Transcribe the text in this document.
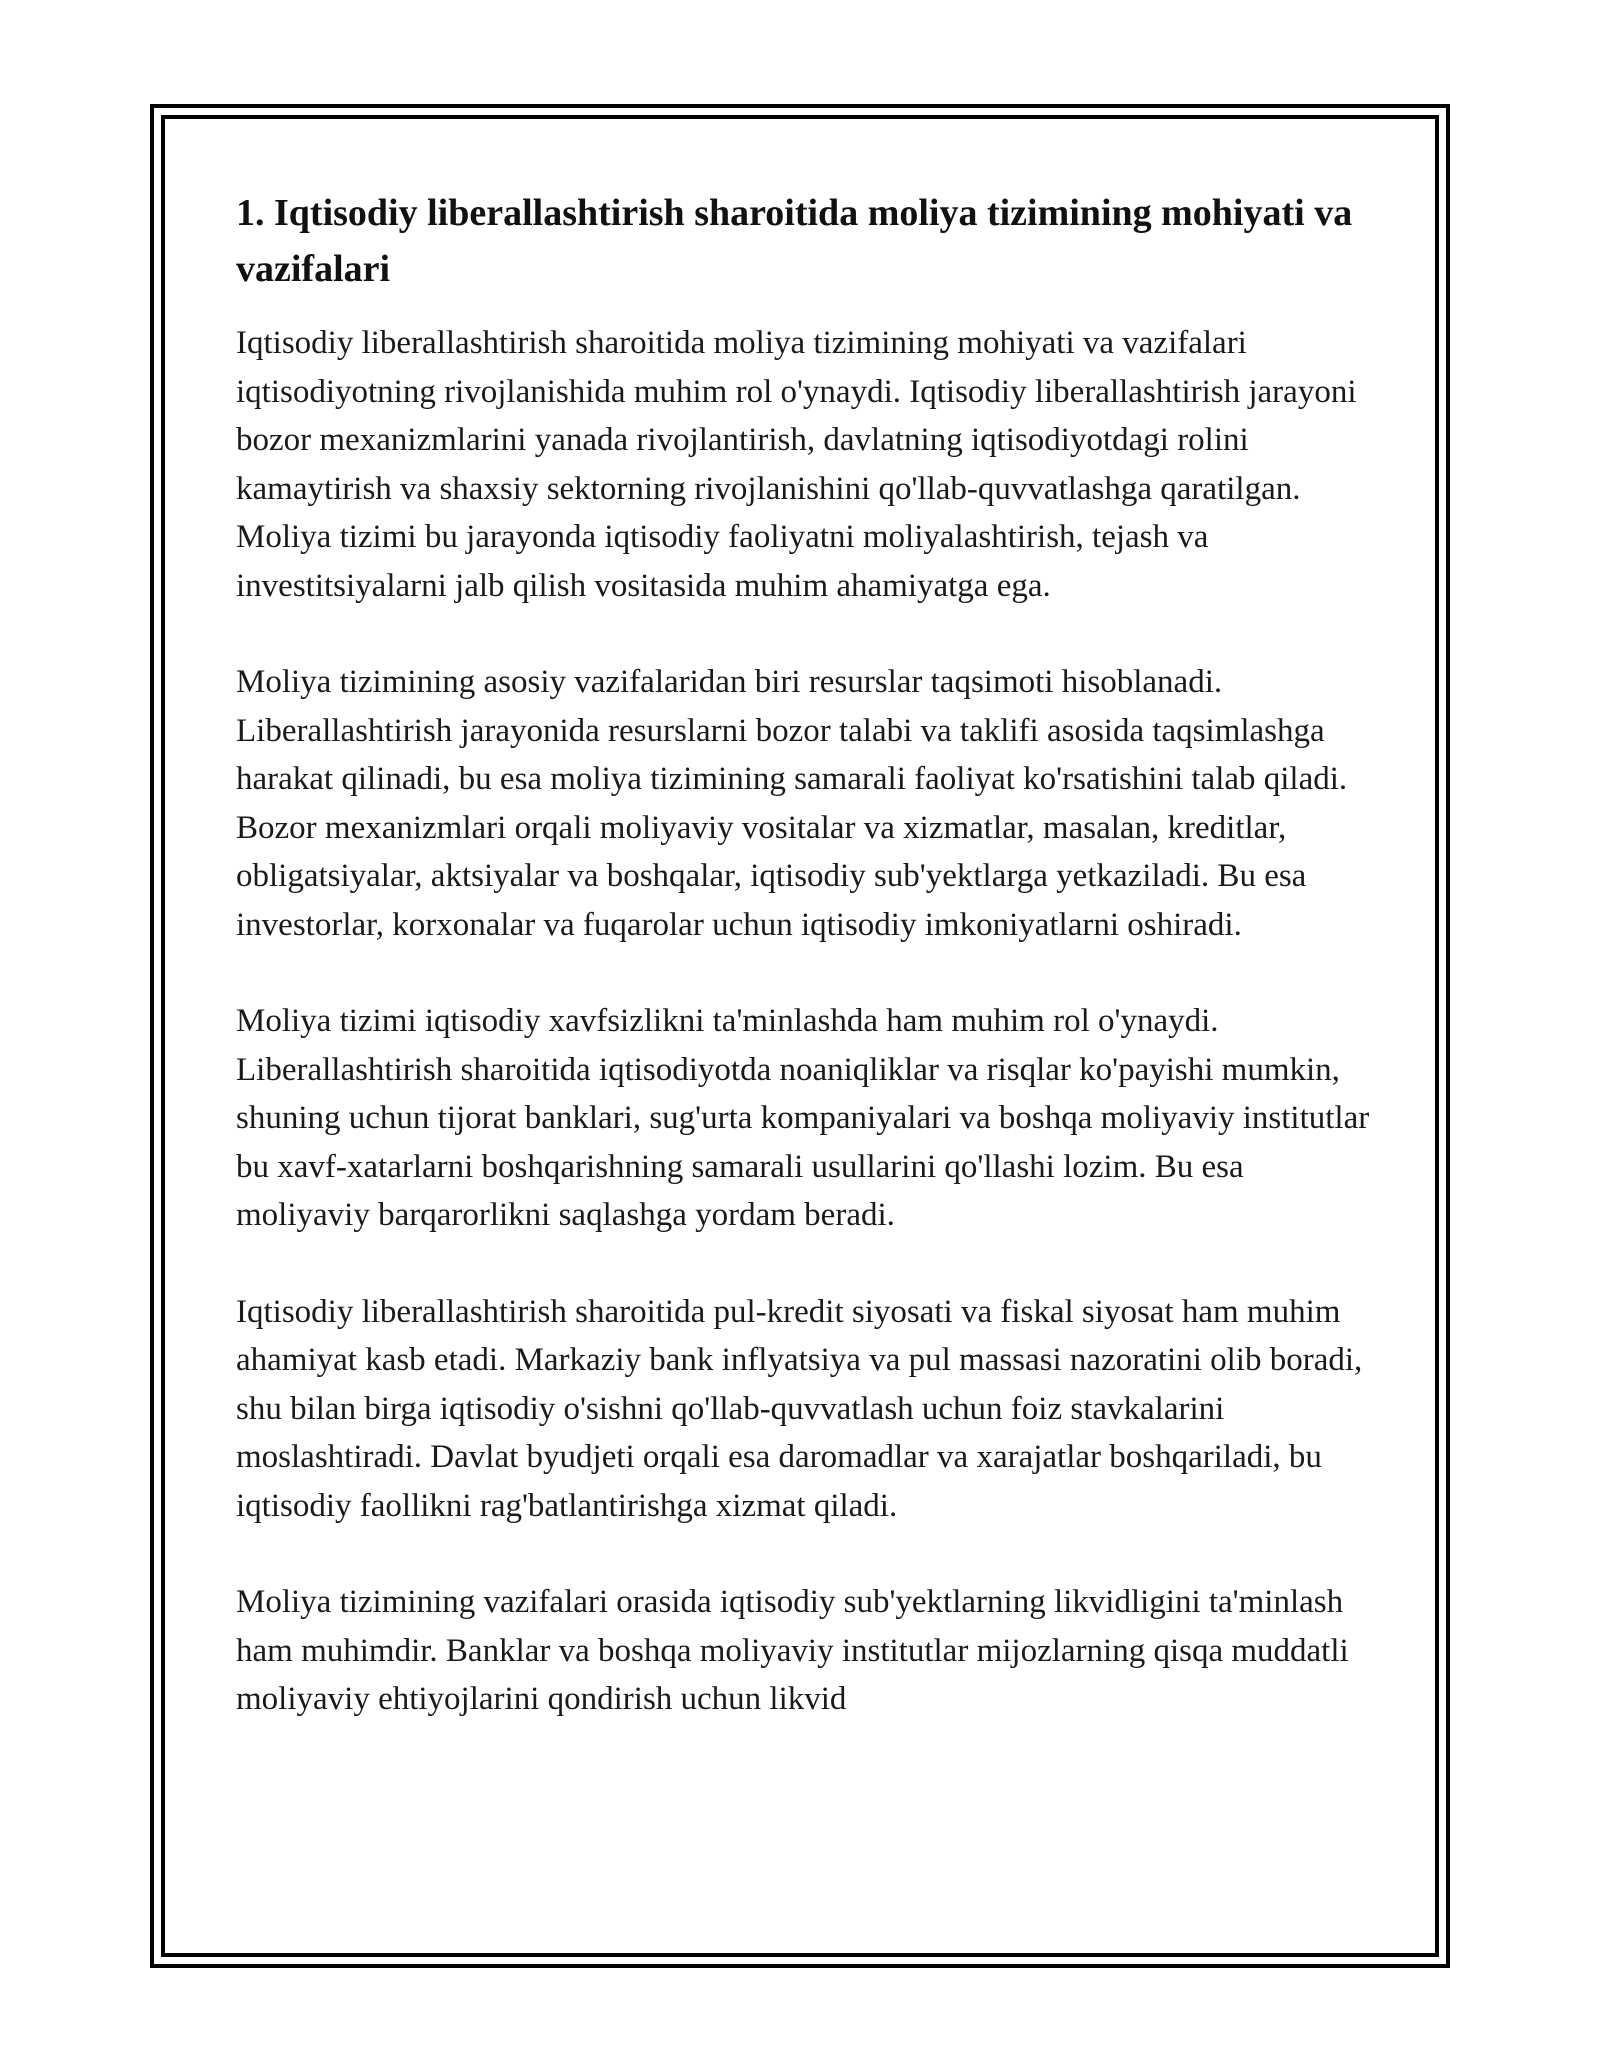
1. Iqtisodiy liberallashtirish sharoitida moliya tizimining mohiyati va vazifalari

Iqtisodiy liberallashtirish sharoitida moliya tizimining mohiyati va vazifalari iqtisodiyotning rivojlanishida muhim rol o'ynaydi. Iqtisodiy liberallashtirish jarayoni bozor mexanizmlarini yanada rivojlantirish, davlatning iqtisodiyotdagi rolini kamaytirish va shaxsiy sektorning rivojlanishini qo'llab-quvvatlashga qaratilgan. Moliya tizimi bu jarayonda iqtisodiy faoliyatni moliyalashtirish, tejash va investitsiyalarni jalb qilish vositasida muhim ahamiyatga ega.

Moliya tizimining asosiy vazifalaridan biri resurslar taqsimoti hisoblanadi. Liberallashtirish jarayonida resurslarni bozor talabi va taklifi asosida taqsimlashga harakat qilinadi, bu esa moliya tizimining samarali faoliyat ko'rsatishini talab qiladi. Bozor mexanizmlari orqali moliyaviy vositalar va xizmatlar, masalan, kreditlar, obligatsiyalar, aktsiyalar va boshqalar, iqtisodiy sub'yektlarga yetkaziladi. Bu esa investorlar, korxonalar va fuqarolar uchun iqtisodiy imkoniyatlarni oshiradi.

Moliya tizimi iqtisodiy xavfsizlikni ta'minlashda ham muhim rol o'ynaydi. Liberallashtirish sharoitida iqtisodiyotda noaniqliklar va risqlar ko'payishi mumkin, shuning uchun tijorat banklari, sug'urta kompaniyalari va boshqa moliyaviy institutlar bu xavf-xatarlarni boshqarishning samarali usullarini qo'llashi lozim. Bu esa moliyaviy barqarorlikni saqlashga yordam beradi.

Iqtisodiy liberallashtirish sharoitida pul-kredit siyosati va fiskal siyosat ham muhim ahamiyat kasb etadi. Markaziy bank inflyatsiya va pul massasi nazoratini olib boradi, shu bilan birga iqtisodiy o'sishni qo'llab-quvvatlash uchun foiz stavkalarini moslashtiradi. Davlat byudjeti orqali esa daromadlar va xarajatlar boshqariladi, bu iqtisodiy faollikni rag'batlantirishga xizmat qiladi.

Moliya tizimining vazifalari orasida iqtisodiy sub'yektlarning likvidligini ta'minlash ham muhimdir. Banklar va boshqa moliyaviy institutlar mijozlarning qisqa muddatli moliyaviy ehtiyojlarini qondirish uchun likvid
